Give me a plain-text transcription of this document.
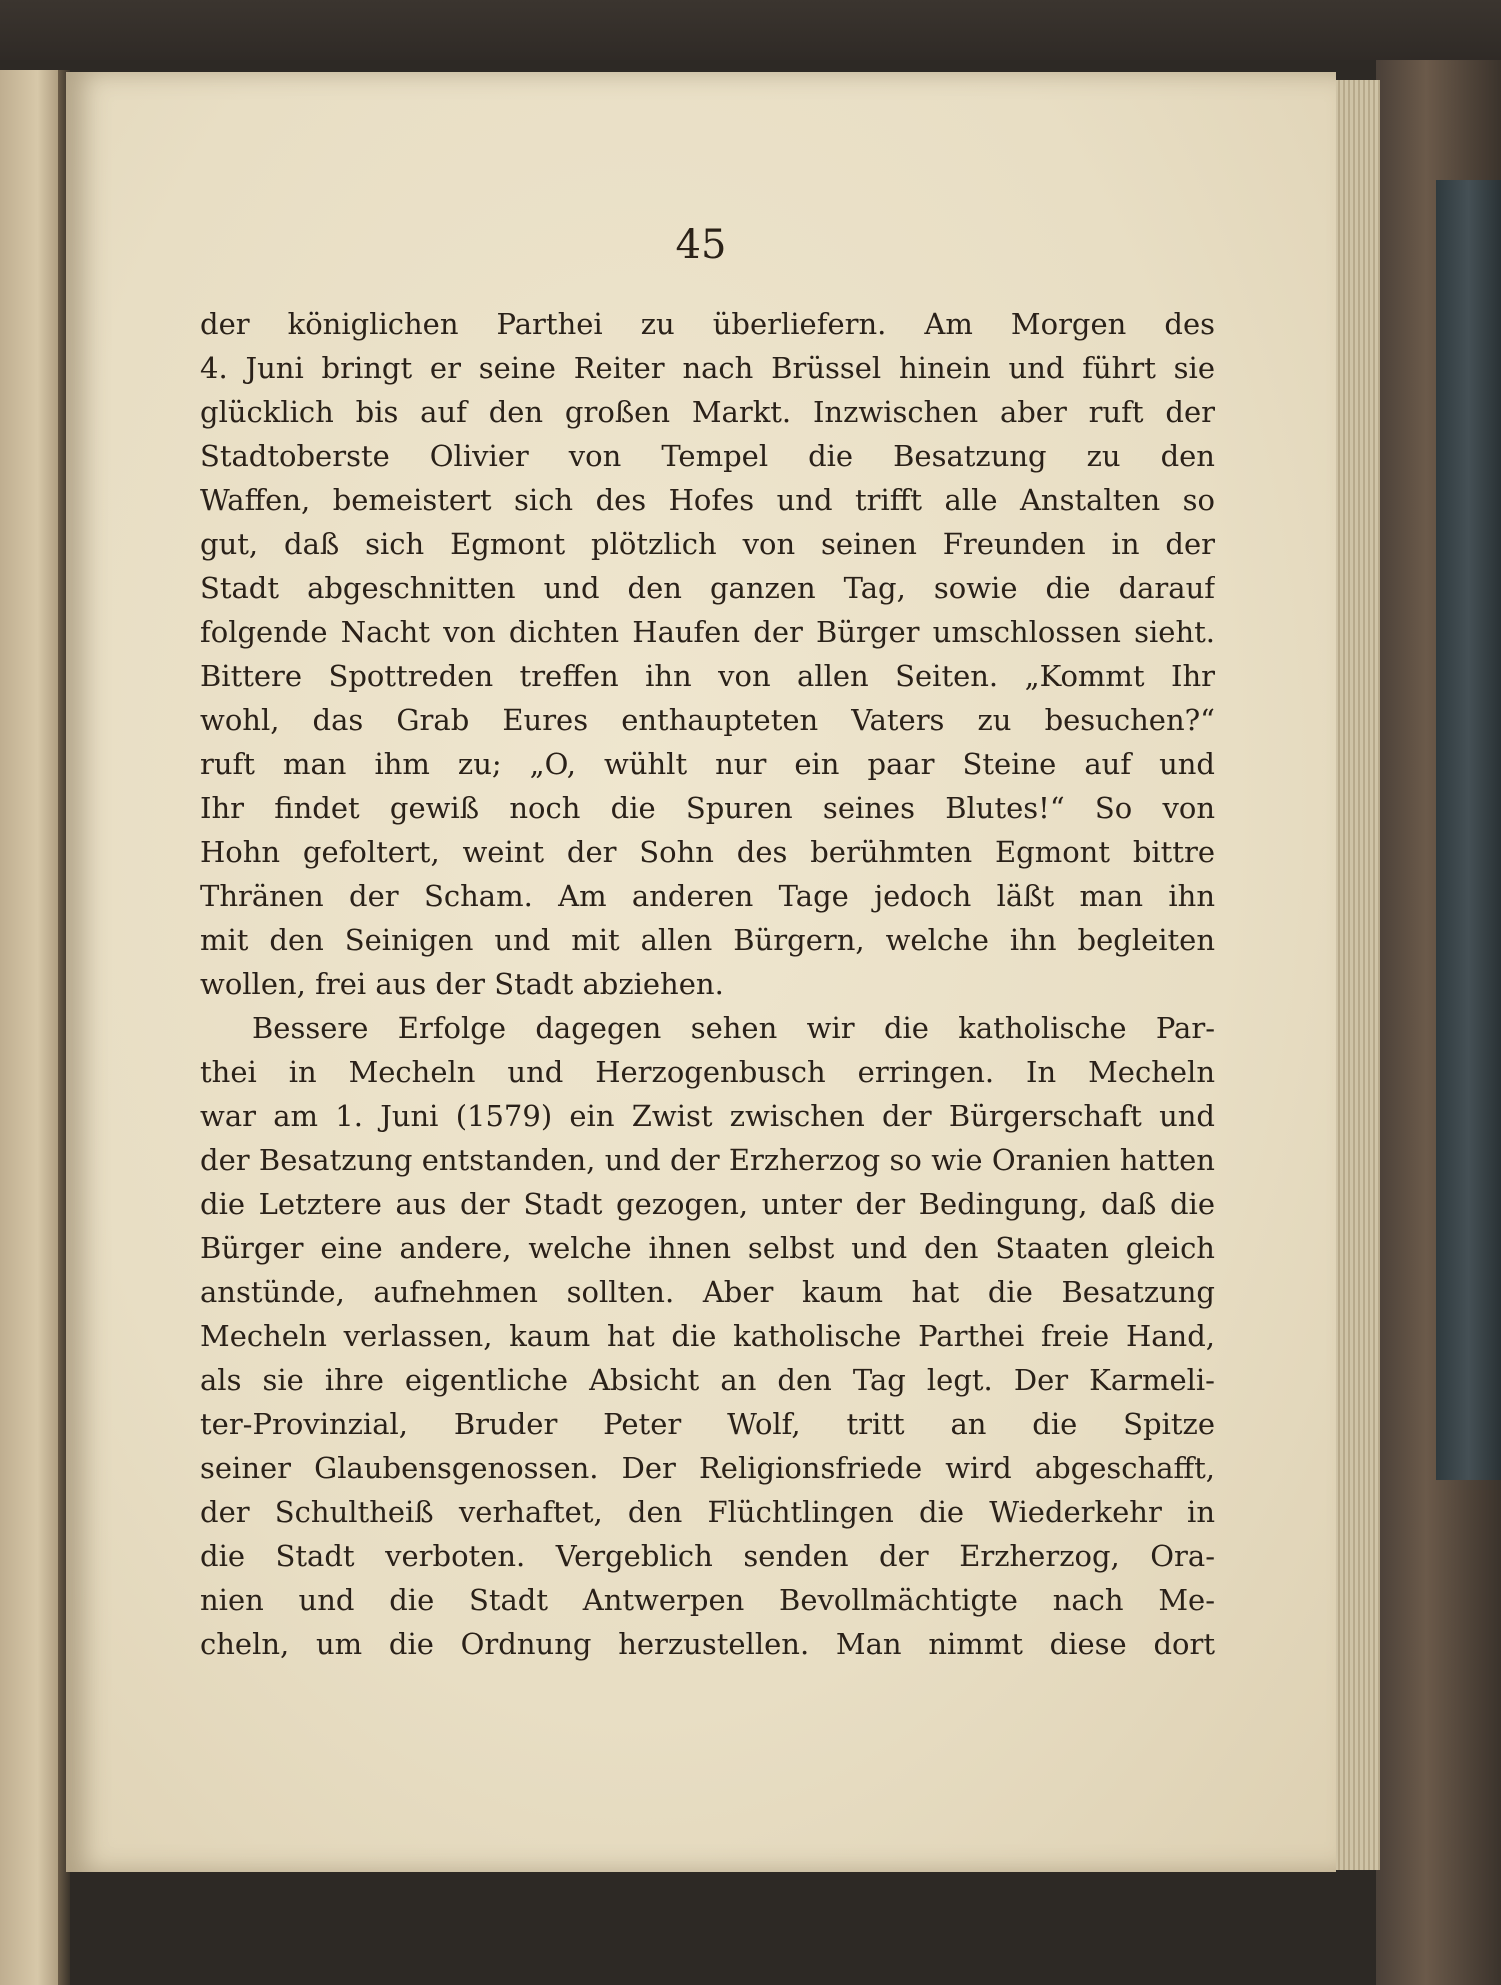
45
der königlichen Parthei zu überliefern. Am Morgen des
4. Juni bringt er seine Reiter nach Brüssel hinein und führt sie
glücklich bis auf den großen Markt. Inzwischen aber ruft der
Stadtoberste Olivier von Tempel die Besatzung zu den
Waffen, bemeistert sich des Hofes und trifft alle Anstalten so
gut, daß sich Egmont plötzlich von seinen Freunden in der
Stadt abgeschnitten und den ganzen Tag, sowie die darauf
folgende Nacht von dichten Haufen der Bürger umschlossen sieht.
Bittere Spottreden treffen ihn von allen Seiten. „Kommt Ihr
wohl, das Grab Eures enthaupteten Vaters zu besuchen?“
ruft man ihm zu; „O, wühlt nur ein paar Steine auf und
Ihr findet gewiß noch die Spuren seines Blutes!“ So von
Hohn gefoltert, weint der Sohn des berühmten Egmont bittre
Thränen der Scham. Am anderen Tage jedoch läßt man ihn
mit den Seinigen und mit allen Bürgern, welche ihn begleiten
wollen, frei aus der Stadt abziehen.
Bessere Erfolge dagegen sehen wir die katholische Par-
thei in Mecheln und Herzogenbusch erringen. In Mecheln
war am 1. Juni (1579) ein Zwist zwischen der Bürgerschaft und
der Besatzung entstanden, und der Erzherzog so wie Oranien hatten
die Letztere aus der Stadt gezogen, unter der Bedingung, daß die
Bürger eine andere, welche ihnen selbst und den Staaten gleich
anstünde, aufnehmen sollten. Aber kaum hat die Besatzung
Mecheln verlassen, kaum hat die katholische Parthei freie Hand,
als sie ihre eigentliche Absicht an den Tag legt. Der Karmeli-
ter-Provinzial, Bruder Peter Wolf, tritt an die Spitze
seiner Glaubensgenossen. Der Religionsfriede wird abgeschafft,
der Schultheiß verhaftet, den Flüchtlingen die Wiederkehr in
die Stadt verboten. Vergeblich senden der Erzherzog, Ora-
nien und die Stadt Antwerpen Bevollmächtigte nach Me-
cheln, um die Ordnung herzustellen. Man nimmt diese dort
